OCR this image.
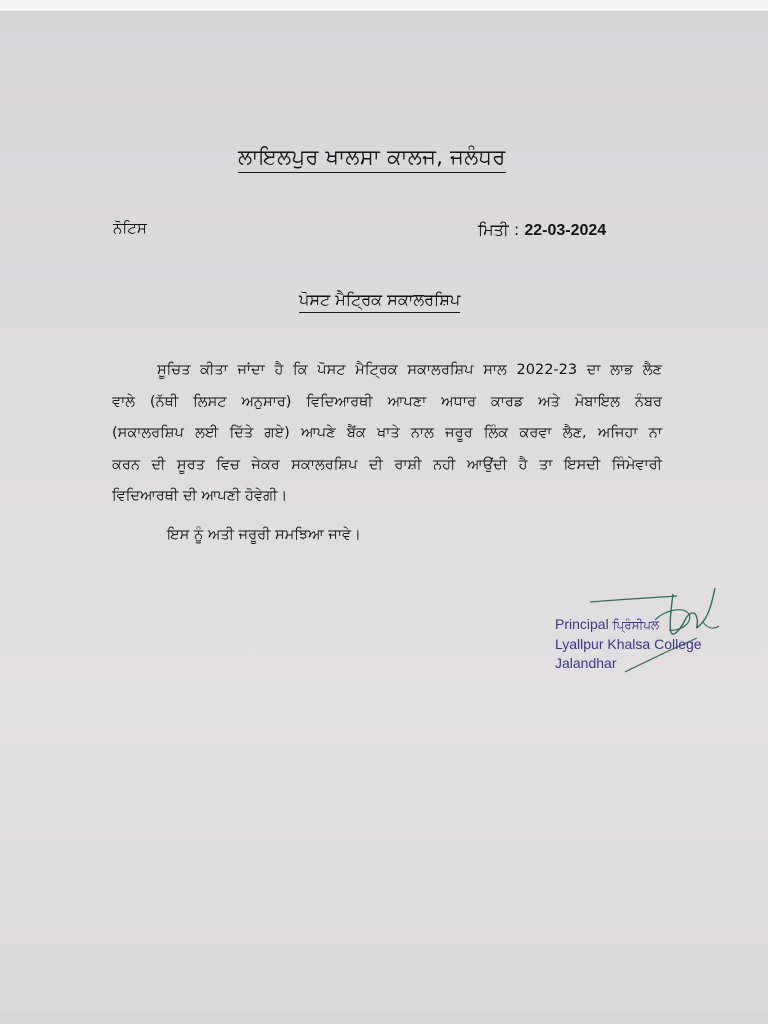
ਲਾਇਲਪੁਰ ਖਾਲਸਾ ਕਾਲਜ, ਜਲੰਧਰ
ਨੋਟਿਸ	ਮਿਤੀ : 22-03-2024
ਪੋਸਟ ਮੈਟ੍ਰਿਕ ਸਕਾਲਰਸ਼ਿਪ
ਸੂਚਿਤ ਕੀਤਾ ਜਾਂਦਾ ਹੈ ਕਿ ਪੋਸਟ ਮੈਟ੍ਰਿਕ ਸਕਾਲਰਸ਼ਿਪ ਸਾਲ 2022-23 ਦਾ ਲਾਭ ਲੈਣ
ਵਾਲੇ (ਨੱਥੀ ਲਿਸਟ ਅਨੁਸਾਰ) ਵਿਦਿਆਰਥੀ ਆਪਣਾ ਅਧਾਰ ਕਾਰਡ ਅਤੇ ਮੋਬਾਇਲ ਨੰਬਰ
(ਸਕਾਲਰਸ਼ਿਪ ਲਈ ਦਿੱਤੇ ਗਏ) ਆਪਣੇ ਬੈਂਕ ਖਾਤੇ ਨਾਲ ਜਰੂਰ ਲਿੰਕ ਕਰਵਾ ਲੈਣ, ਅਜਿਹਾ ਨਾ
ਕਰਨ ਦੀ ਸੂਰਤ ਵਿਚ ਜੇਕਰ ਸਕਾਲਰਸ਼ਿਪ ਦੀ ਰਾਸ਼ੀ ਨਹੀ ਆਉਂਦੀ ਹੈ ਤਾ ਇਸਦੀ ਜਿੰਮੇਵਾਰੀ
ਵਿਦਿਆਰਥੀ ਦੀ ਆਪਣੀ ਹੋਵੇਗੀ।
ਇਸ ਨੂੰ ਅਤੀ ਜਰੂਰੀ ਸਮਝਿਆ ਜਾਵੇ।
Principal ਪ੍ਰਿੰਸੀਪਲ
Lyallpur Khalsa College
Jalandhar
